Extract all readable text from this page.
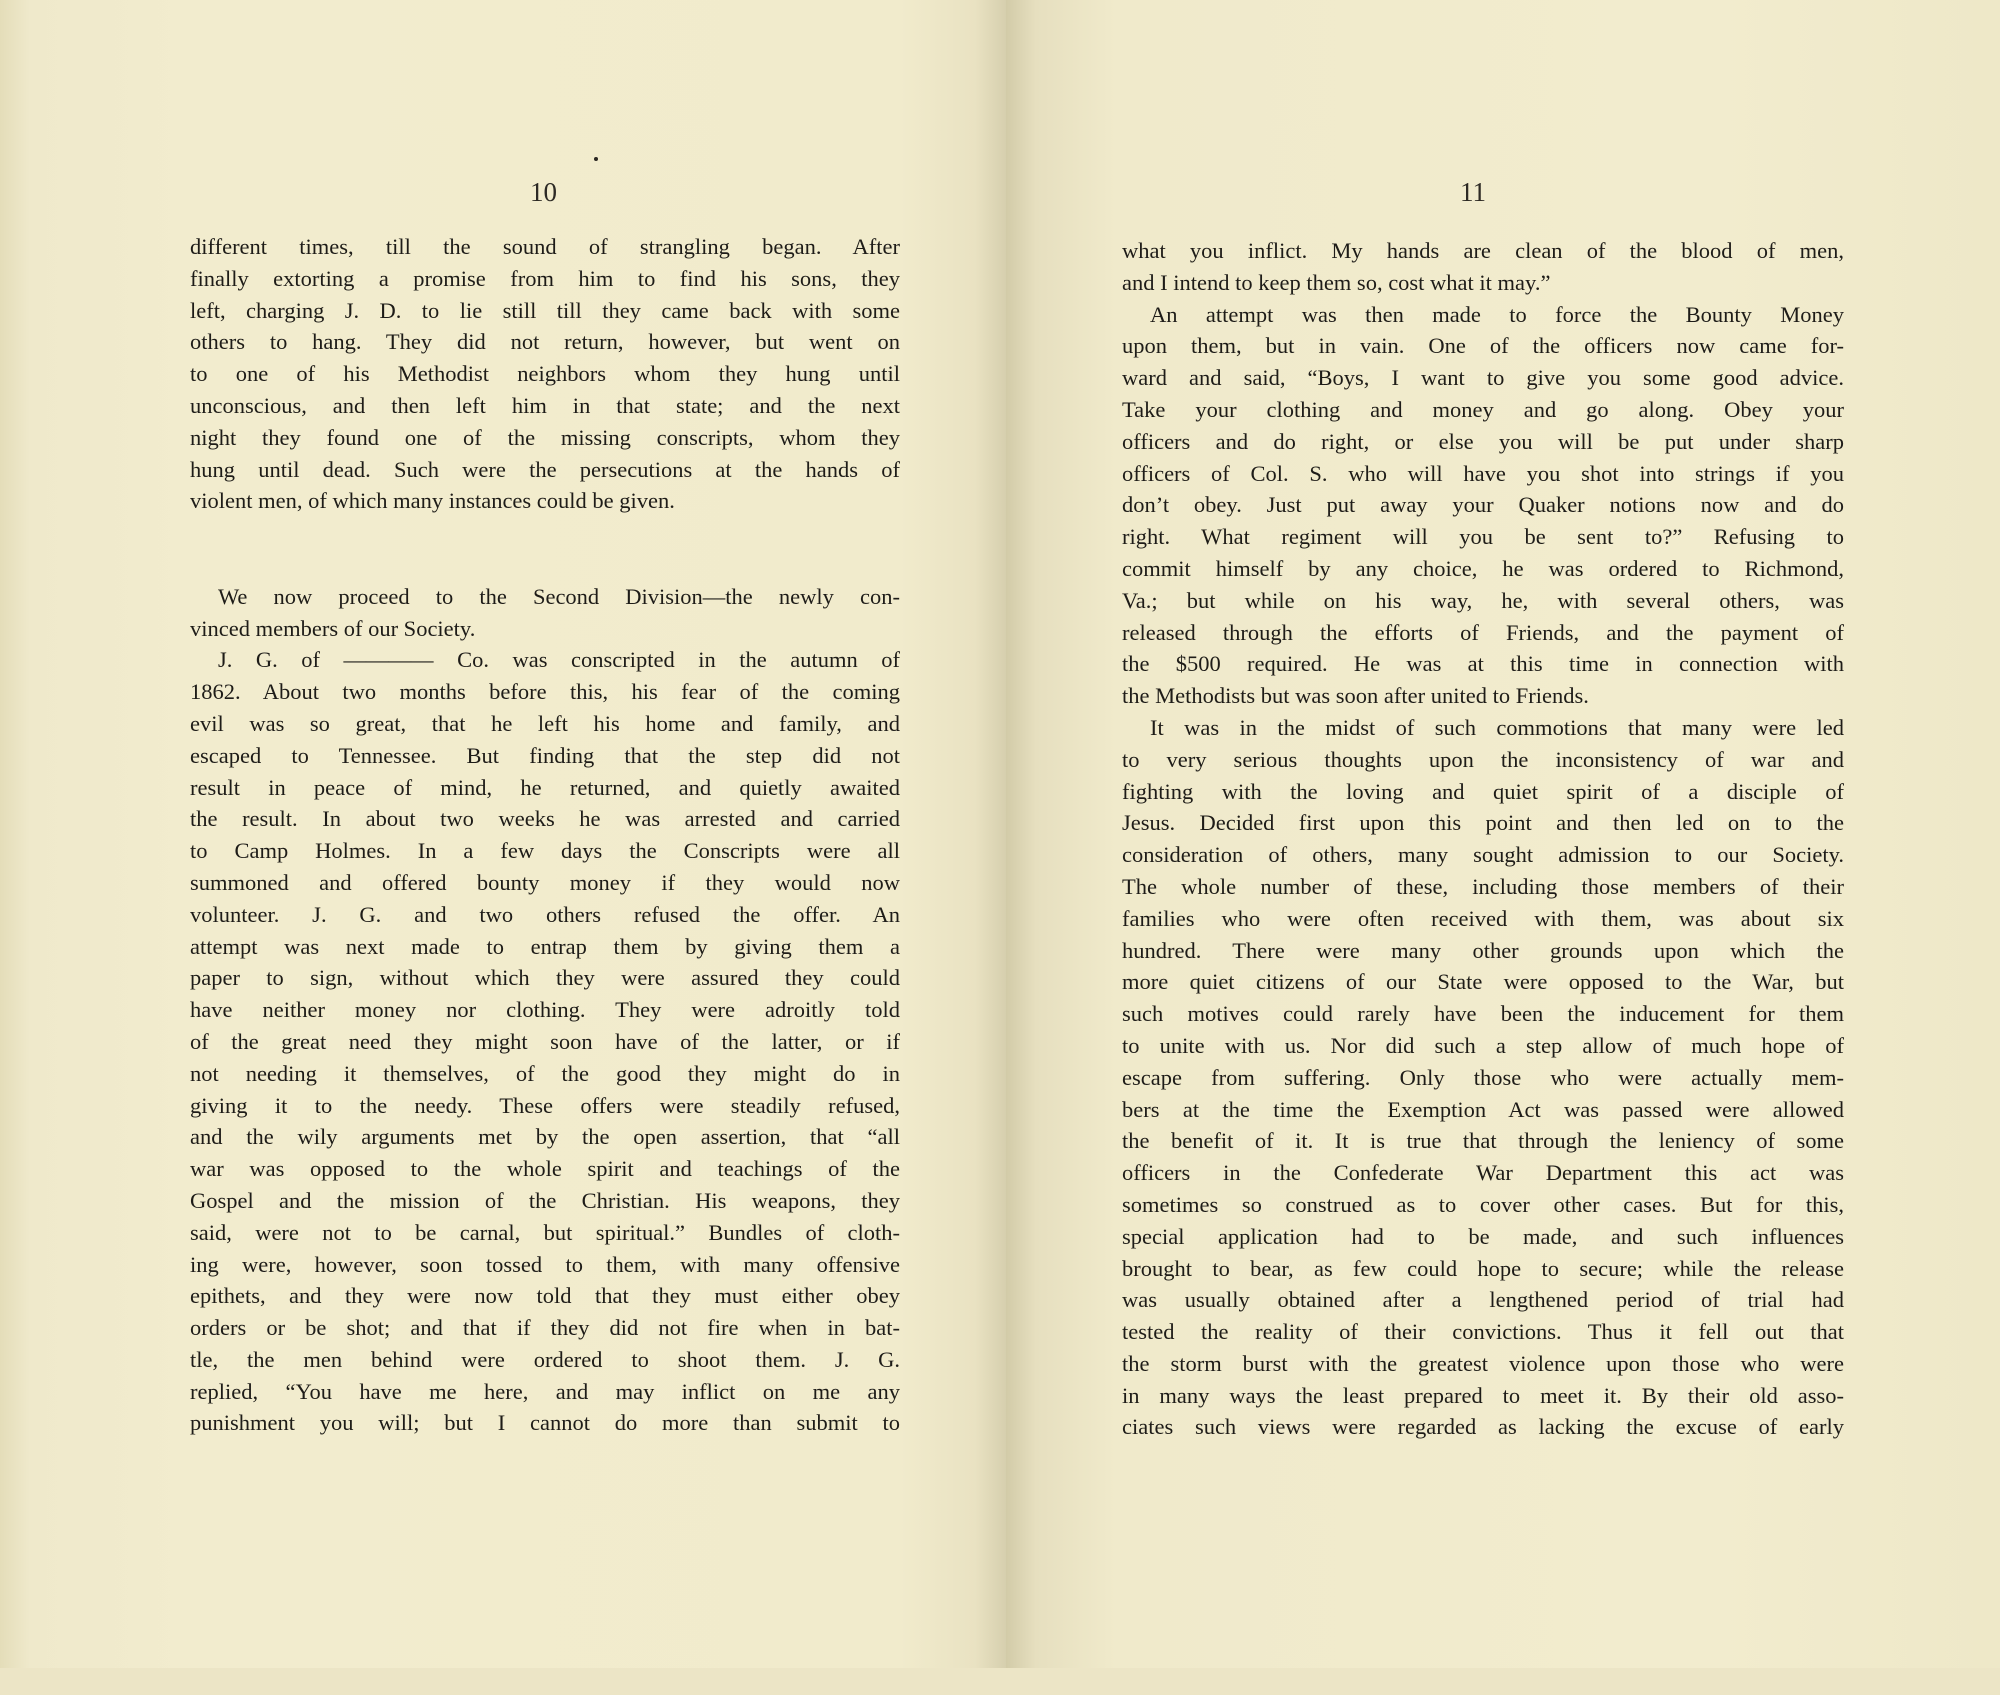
10
different times, till the sound of strangling began. After
finally extorting a promise from him to find his sons, they
left, charging J. D. to lie still till they came back with some
others to hang. They did not return, however, but went on
to one of his Methodist neighbors whom they hung until
unconscious, and then left him in that state; and the next
night they found one of the missing conscripts, whom they
hung until dead. Such were the persecutions at the hands of
violent men, of which many instances could be given.
We now proceed to the Second Division—the newly con-
vinced members of our Society.
J. G. of ———— Co. was conscripted in the autumn of
1862. About two months before this, his fear of the coming
evil was so great, that he left his home and family, and
escaped to Tennessee. But finding that the step did not
result in peace of mind, he returned, and quietly awaited
the result. In about two weeks he was arrested and carried
to Camp Holmes. In a few days the Conscripts were all
summoned and offered bounty money if they would now
volunteer. J. G. and two others refused the offer. An
attempt was next made to entrap them by giving them a
paper to sign, without which they were assured they could
have neither money nor clothing. They were adroitly told
of the great need they might soon have of the latter, or if
not needing it themselves, of the good they might do in
giving it to the needy. These offers were steadily refused,
and the wily arguments met by the open assertion, that “all
war was opposed to the whole spirit and teachings of the
Gospel and the mission of the Christian. His weapons, they
said, were not to be carnal, but spiritual.” Bundles of cloth-
ing were, however, soon tossed to them, with many offensive
epithets, and they were now told that they must either obey
orders or be shot; and that if they did not fire when in bat-
tle, the men behind were ordered to shoot them. J. G.
replied, “You have me here, and may inflict on me any
punishment you will; but I cannot do more than submit to
11
what you inflict. My hands are clean of the blood of men,
and I intend to keep them so, cost what it may.”
An attempt was then made to force the Bounty Money
upon them, but in vain. One of the officers now came for-
ward and said, “Boys, I want to give you some good advice.
Take your clothing and money and go along. Obey your
officers and do right, or else you will be put under sharp
officers of Col. S. who will have you shot into strings if you
don’t obey. Just put away your Quaker notions now and do
right. What regiment will you be sent to?” Refusing to
commit himself by any choice, he was ordered to Richmond,
Va.; but while on his way, he, with several others, was
released through the efforts of Friends, and the payment of
the $500 required. He was at this time in connection with
the Methodists but was soon after united to Friends.
It was in the midst of such commotions that many were led
to very serious thoughts upon the inconsistency of war and
fighting with the loving and quiet spirit of a disciple of
Jesus. Decided first upon this point and then led on to the
consideration of others, many sought admission to our Society.
The whole number of these, including those members of their
families who were often received with them, was about six
hundred. There were many other grounds upon which the
more quiet citizens of our State were opposed to the War, but
such motives could rarely have been the inducement for them
to unite with us. Nor did such a step allow of much hope of
escape from suffering. Only those who were actually mem-
bers at the time the Exemption Act was passed were allowed
the benefit of it. It is true that through the leniency of some
officers in the Confederate War Department this act was
sometimes so construed as to cover other cases. But for this,
special application had to be made, and such influences
brought to bear, as few could hope to secure; while the release
was usually obtained after a lengthened period of trial had
tested the reality of their convictions. Thus it fell out that
the storm burst with the greatest violence upon those who were
in many ways the least prepared to meet it. By their old asso-
ciates such views were regarded as lacking the excuse of early
